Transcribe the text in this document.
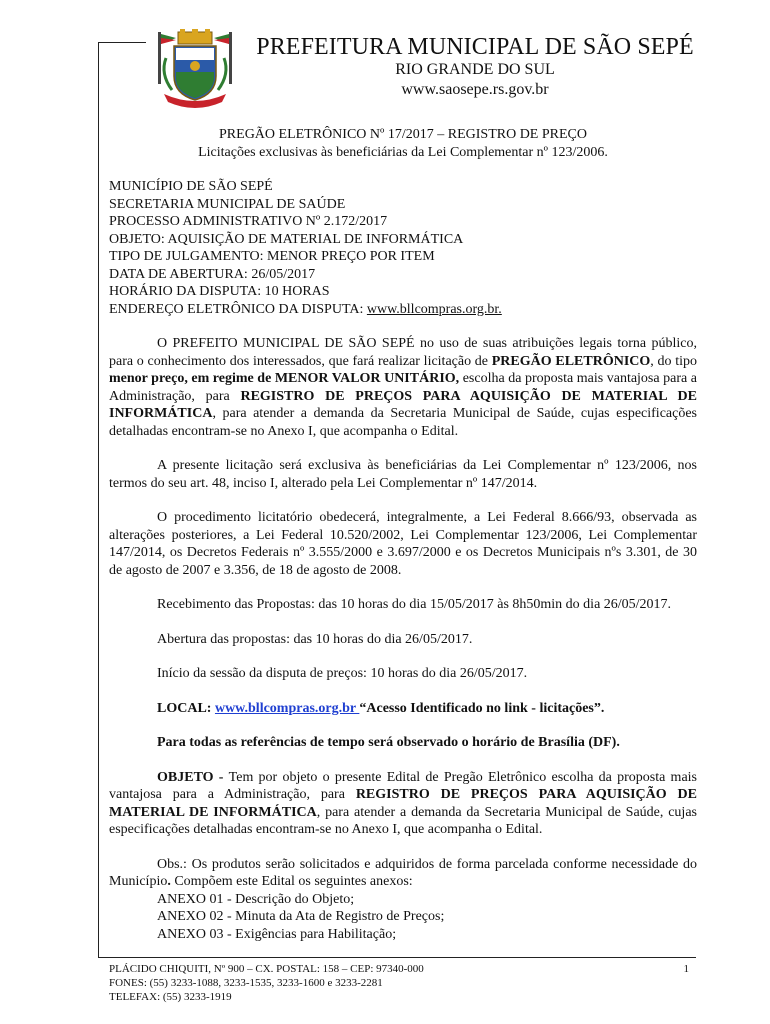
PREFEITURA MUNICIPAL DE SÃO SEPÉ
RIO GRANDE DO SUL
www.saosepe.rs.gov.br
PREGÃO ELETRÔNICO Nº 17/2017 – REGISTRO DE PREÇO
Licitações exclusivas às beneficiárias da Lei Complementar nº 123/2006.
MUNICÍPIO DE SÃO SEPÉ
SECRETARIA MUNICIPAL DE SAÚDE
PROCESSO ADMINISTRATIVO Nº 2.172/2017
OBJETO: AQUISIÇÃO DE MATERIAL DE INFORMÁTICA
TIPO DE JULGAMENTO: MENOR PREÇO POR ITEM
DATA DE ABERTURA: 26/05/2017
HORÁRIO DA DISPUTA: 10 HORAS
ENDEREÇO ELETRÔNICO DA DISPUTA: www.bllcompras.org.br.

O PREFEITO MUNICIPAL DE SÃO SEPÉ no uso de suas atribuições legais torna público, para o conhecimento dos interessados, que fará realizar licitação de PREGÃO ELETRÔNICO, do tipo menor preço, em regime de MENOR VALOR UNITÁRIO, escolha da proposta mais vantajosa para a Administração, para REGISTRO DE PREÇOS PARA AQUISIÇÃO DE MATERIAL DE INFORMÁTICA, para atender a demanda da Secretaria Municipal de Saúde, cujas especificações detalhadas encontram-se no Anexo I, que acompanha o Edital.

A presente licitação será exclusiva às beneficiárias da Lei Complementar nº 123/2006, nos termos do seu art. 48, inciso I, alterado pela Lei Complementar nº 147/2014.

O procedimento licitatório obedecerá, integralmente, a Lei Federal 8.666/93, observada as alterações posteriores, a Lei Federal 10.520/2002, Lei Complementar 123/2006, Lei Complementar 147/2014, os Decretos Federais nº 3.555/2000 e 3.697/2000 e os Decretos Municipais nºs 3.301, de 30 de agosto de 2007 e 3.356, de 18 de agosto de 2008.

Recebimento das Propostas: das 10 horas do dia 15/05/2017 às 8h50min do dia 26/05/2017.

Abertura das propostas: das 10 horas do dia 26/05/2017.

Início da sessão da disputa de preços: 10 horas do dia 26/05/2017.

LOCAL: www.bllcompras.org.br “Acesso Identificado no link - licitações”.

Para todas as referências de tempo será observado o horário de Brasília (DF).

OBJETO - Tem por objeto o presente Edital de Pregão Eletrônico escolha da proposta mais vantajosa para a Administração, para REGISTRO DE PREÇOS PARA AQUISIÇÃO DE MATERIAL DE INFORMÁTICA, para atender a demanda da Secretaria Municipal de Saúde, cujas especificações detalhadas encontram-se no Anexo I, que acompanha o Edital.

Obs.: Os produtos serão solicitados e adquiridos de forma parcelada conforme necessidade do Município. Compõem este Edital os seguintes anexos:

ANEXO 01 - Descrição do Objeto;
ANEXO 02 - Minuta da Ata de Registro de Preços;
ANEXO 03 - Exigências para Habilitação;
PLÁCIDO CHIQUITI, Nº 900 – CX. POSTAL: 158 – CEP: 97340-000
FONES: (55) 3233-1088, 3233-1535, 3233-1600 e 3233-2281
TELEFAX: (55) 3233-1919
1
